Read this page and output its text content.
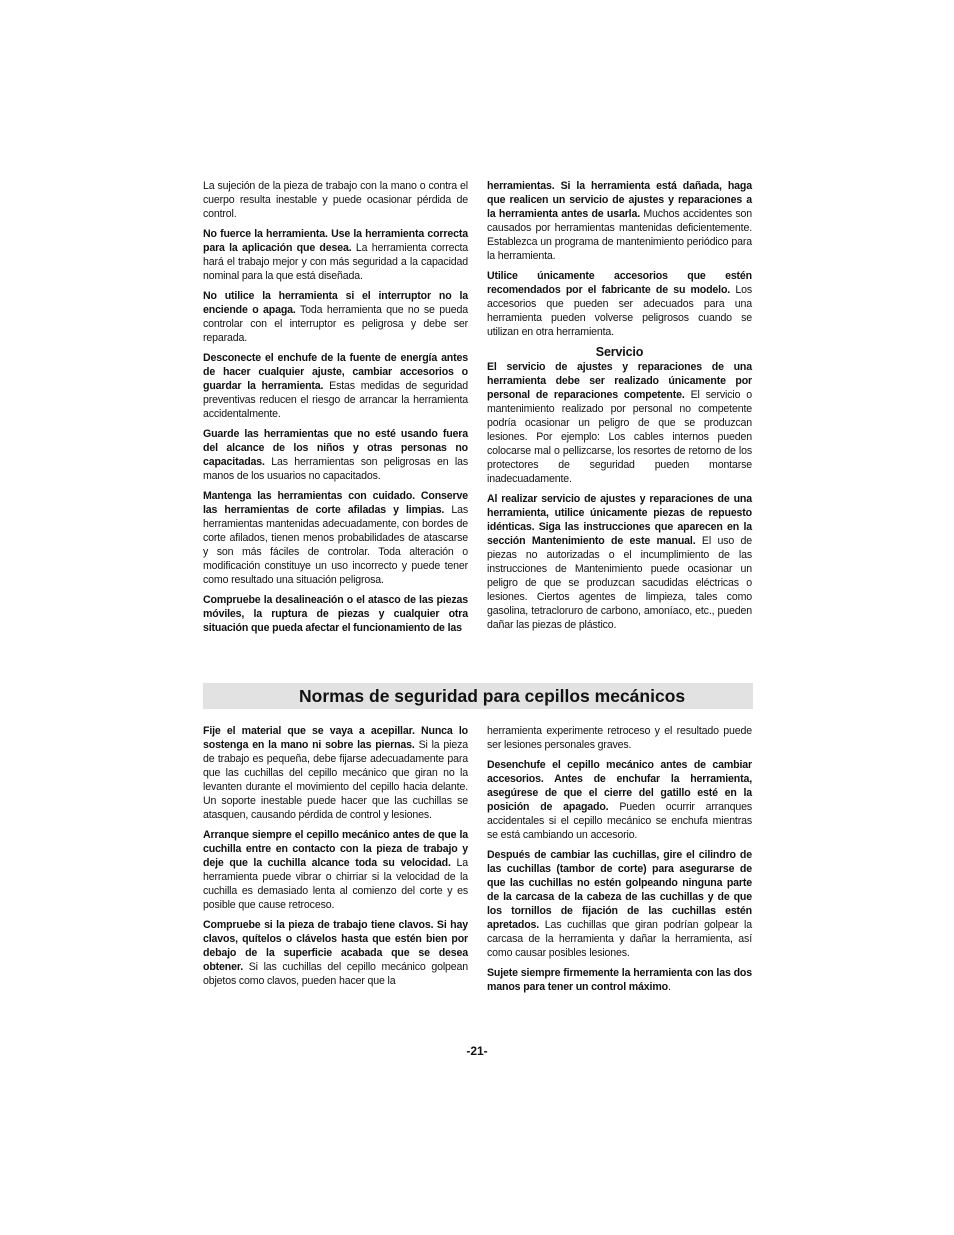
La sujeción de la pieza de trabajo con la mano o contra el cuerpo resulta inestable y puede ocasionar pérdida de control.

No fuerce la herramienta. Use la herramienta correcta para la aplicación que desea. La herramienta correcta hará el trabajo mejor y con más seguridad a la capacidad nominal para la que está diseñada.

No utilice la herramienta si el interruptor no la enciende o apaga. Toda herramienta que no se pueda controlar con el interruptor es peligrosa y debe ser reparada.

Desconecte el enchufe de la fuente de energía antes de hacer cualquier ajuste, cambiar accesorios o guardar la herramienta. Estas medidas de seguridad preventivas reducen el riesgo de arrancar la herramienta accidentalmente.

Guarde las herramientas que no esté usando fuera del alcance de los niños y otras personas no capacitadas. Las herramientas son peligrosas en las manos de los usuarios no capacitados.

Mantenga las herramientas con cuidado. Conserve las herramientas de corte afiladas y limpias. Las herramientas mantenidas adecuadamente, con bordes de corte afilados, tienen menos probabilidades de atascarse y son más fáciles de controlar. Toda alteración o modificación constituye un uso incorrecto y puede tener como resultado una situación peligrosa.

Compruebe la desalineación o el atasco de las piezas móviles, la ruptura de piezas y cualquier otra situación que pueda afectar el funcionamiento de las

herramientas. Si la herramienta está dañada, haga que realicen un servicio de ajustes y reparaciones a la herramienta antes de usarla. Muchos accidentes son causados por herramientas mantenidas deficientemente. Establezca un programa de mantenimiento periódico para la herramienta.

Utilice únicamente accesorios que estén recomendados por el fabricante de su modelo. Los accesorios que pueden ser adecuados para una herramienta pueden volverse peligrosos cuando se utilizan en otra herramienta.

Servicio

El servicio de ajustes y reparaciones de una herramienta debe ser realizado únicamente por personal de reparaciones competente. El servicio o mantenimiento realizado por personal no competente podría ocasionar un peligro de que se produzcan lesiones. Por ejemplo: Los cables internos pueden colocarse mal o pellizcarse, los resortes de retorno de los protectores de seguridad pueden montarse inadecuadamente.

Al realizar servicio de ajustes y reparaciones de una herramienta, utilice únicamente piezas de repuesto idénticas. Siga las instrucciones que aparecen en la sección Mantenimiento de este manual. El uso de piezas no autorizadas o el incumplimiento de las instrucciones de Mantenimiento puede ocasionar un peligro de que se produzcan sacudidas eléctricas o lesiones. Ciertos agentes de limpieza, tales como gasolina, tetracloruro de carbono, amoníaco, etc., pueden dañar las piezas de plástico.

Normas de seguridad para cepillos mecánicos

Fije el material que se vaya a acepillar. Nunca lo sostenga en la mano ni sobre las piernas. Si la pieza de trabajo es pequeña, debe fijarse adecuadamente para que las cuchillas del cepillo mecánico que giran no la levanten durante el movimiento del cepillo hacia delante. Un soporte inestable puede hacer que las cuchillas se atasquen, causando pérdida de control y lesiones.

Arranque siempre el cepillo mecánico antes de que la cuchilla entre en contacto con la pieza de trabajo y deje que la cuchilla alcance toda su velocidad. La herramienta puede vibrar o chirriar si la velocidad de la cuchilla es demasiado lenta al comienzo del corte y es posible que cause retroceso.

Compruebe si la pieza de trabajo tiene clavos. Si hay clavos, quítelos o clávelos hasta que estén bien por debajo de la superficie acabada que se desea obtener. Si las cuchillas del cepillo mecánico golpean objetos como clavos, pueden hacer que la

herramienta experimente retroceso y el resultado puede ser lesiones personales graves.

Desenchufe el cepillo mecánico antes de cambiar accesorios. Antes de enchufar la herramienta, asegúrese de que el cierre del gatillo esté en la posición de apagado. Pueden ocurrir arranques accidentales si el cepillo mecánico se enchufa mientras se está cambiando un accesorio.

Después de cambiar las cuchillas, gire el cilindro de las cuchillas (tambor de corte) para asegurarse de que las cuchillas no estén golpeando ninguna parte de la carcasa de la cabeza de las cuchillas y de que los tornillos de fijación de las cuchillas estén apretados. Las cuchillas que giran podrían golpear la carcasa de la herramienta y dañar la herramienta, así como causar posibles lesiones.

Sujete siempre firmemente la herramienta con las dos manos para tener un control máximo.

-21-
